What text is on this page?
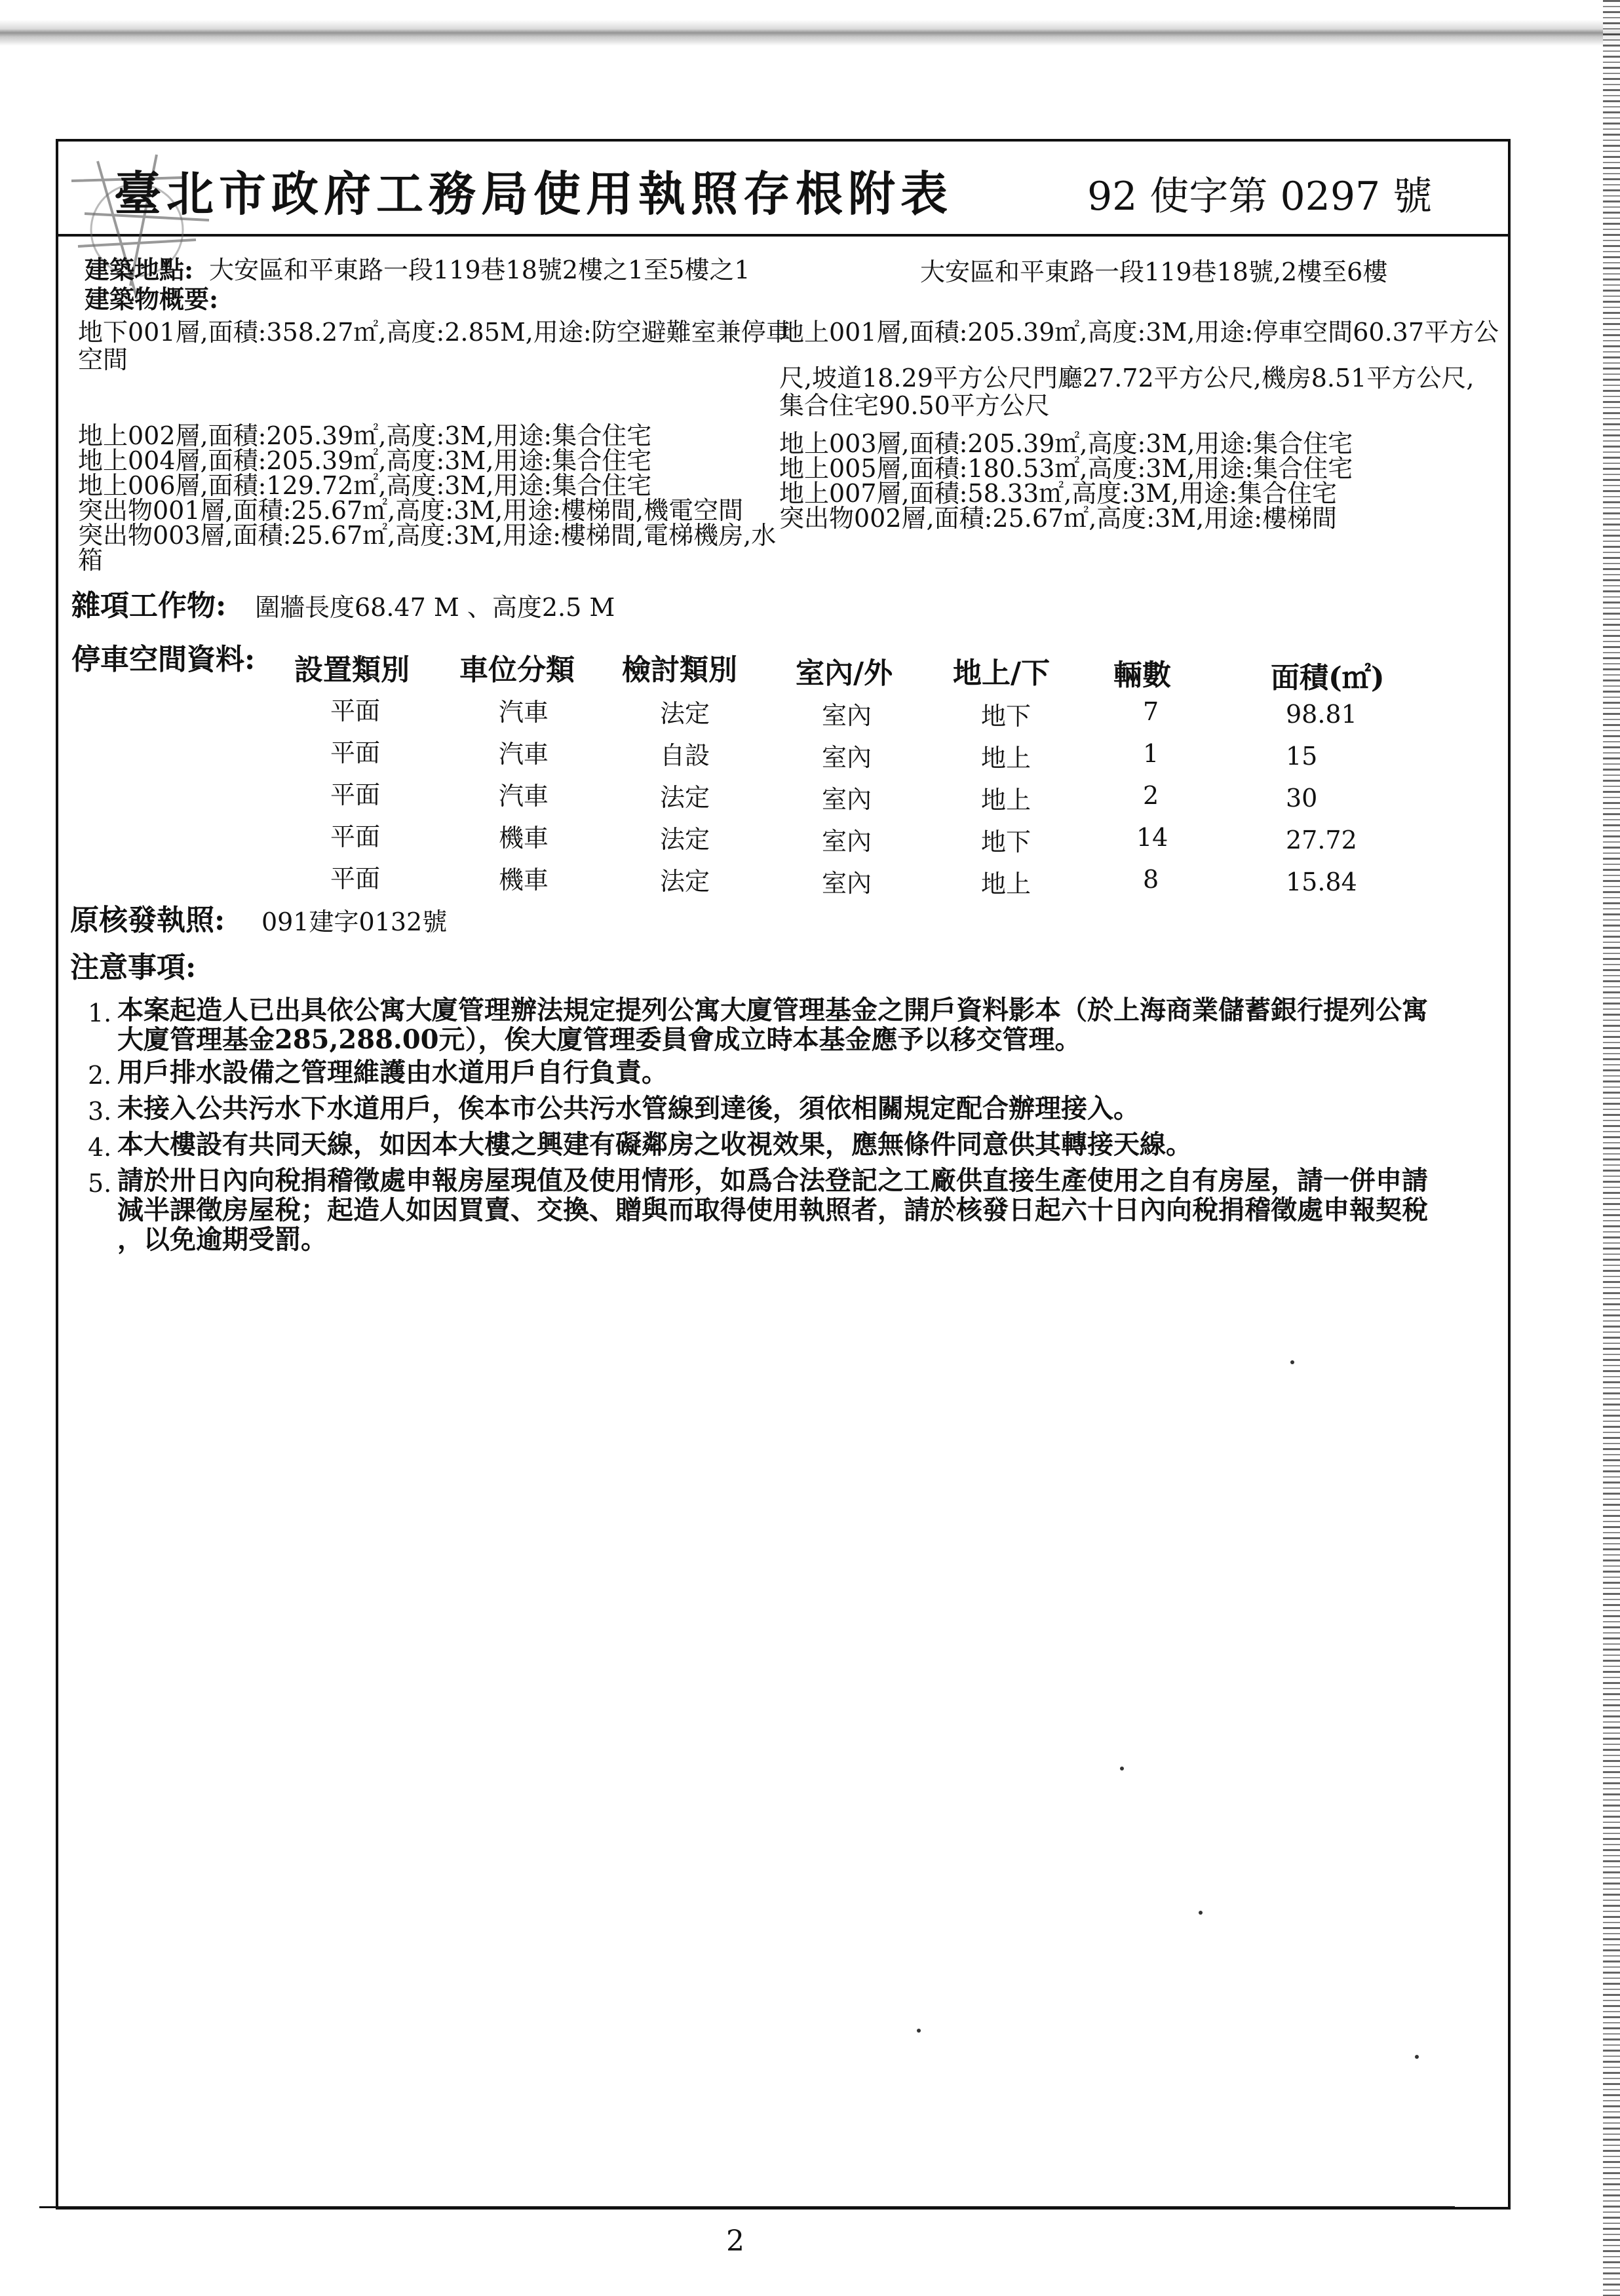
臺北市政府工務局使用執照存根附表	92 使字第 0297 號
建築地點: 大安區和平東路一段119巷18號2樓之1至5樓之1	大安區和平東路一段119巷18號,2樓至6樓
建築物概要:
地下001層,面積:358.27㎡,高度:2.85M,用途:防空避難室兼停車
空間
地上002層,面積:205.39㎡,高度:3M,用途:集合住宅
地上004層,面積:205.39㎡,高度:3M,用途:集合住宅
地上006層,面積:129.72㎡,高度:3M,用途:集合住宅
突出物001層,面積:25.67㎡,高度:3M,用途:樓梯間,機電空間
突出物003層,面積:25.67㎡,高度:3M,用途:樓梯間,電梯機房,水
箱
地上001層,面積:205.39㎡,高度:3M,用途:停車空間60.37平方公
尺,坡道18.29平方公尺門廳27.72平方公尺,機房8.51平方公尺,
集合住宅90.50平方公尺
地上003層,面積:205.39㎡,高度:3M,用途:集合住宅
地上005層,面積:180.53㎡,高度:3M,用途:集合住宅
地上007層,面積:58.33㎡,高度:3M,用途:集合住宅
突出物002層,面積:25.67㎡,高度:3M,用途:樓梯間
雜項工作物: 圍牆長度68.47 M 、高度2.5 M
停車空間資料: 設置類別 車位分類 檢討類別 室內/外 地上/下 輛數	面積(㎡)
平面	汽車	法定	室內	地下	7	98.81
平面	汽車	自設	室內	地上	1	15
平面	汽車	法定	室內	地上	2	30
平面	機車	法定	室內	地下	14	27.72
平面	機車	法定	室內	地上	8	15.84
原核發執照: 091建字0132號
注意事項:
1. 本案起造人已出具依公寓大廈管理辦法規定提列公寓大廈管理基金之開戶資料影本（於上海商業儲蓄銀行提列公寓
大廈管理基金285,288.00元），俟大廈管理委員會成立時本基金應予以移交管理。
2. 用戶排水設備之管理維護由水道用戶自行負責。
3. 未接入公共污水下水道用戶，俟本市公共污水管線到達後，須依相關規定配合辦理接入。
4. 本大樓設有共同天線，如因本大樓之興建有礙鄰房之收視效果，應無條件同意供其轉接天線。
5. 請於卅日內向稅捐稽徵處申報房屋現值及使用情形，如爲合法登記之工廠供直接生產使用之自有房屋，請一併申請
減半課徵房屋稅；起造人如因買賣、交換、贈與而取得使用執照者，請於核發日起六十日內向稅捐稽徵處申報契稅
，以免逾期受罰。
2
